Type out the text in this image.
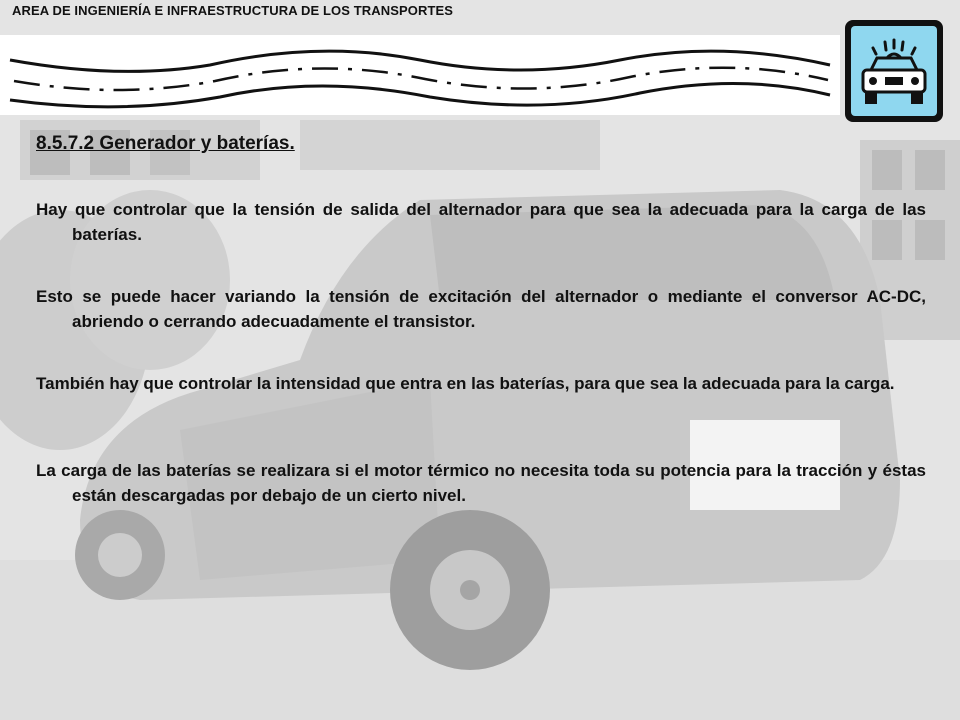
AREA DE INGENIERÍA E INFRAESTRUCTURA DE LOS TRANSPORTES

8.5.7.2 Generador y baterías.

Hay que controlar que la tensión de salida del alternador para que sea la adecuada para la carga de las baterías.

Esto se puede hacer variando la tensión de excitación del alternador o mediante el conversor AC-DC, abriendo o cerrando adecuadamente el transistor.

También hay que controlar la intensidad que entra en las baterías, para que sea la adecuada para la carga.

La carga de las baterías se realizara si el motor térmico no necesita toda su potencia para la tracción y éstas están descargadas por debajo de un cierto nivel.
